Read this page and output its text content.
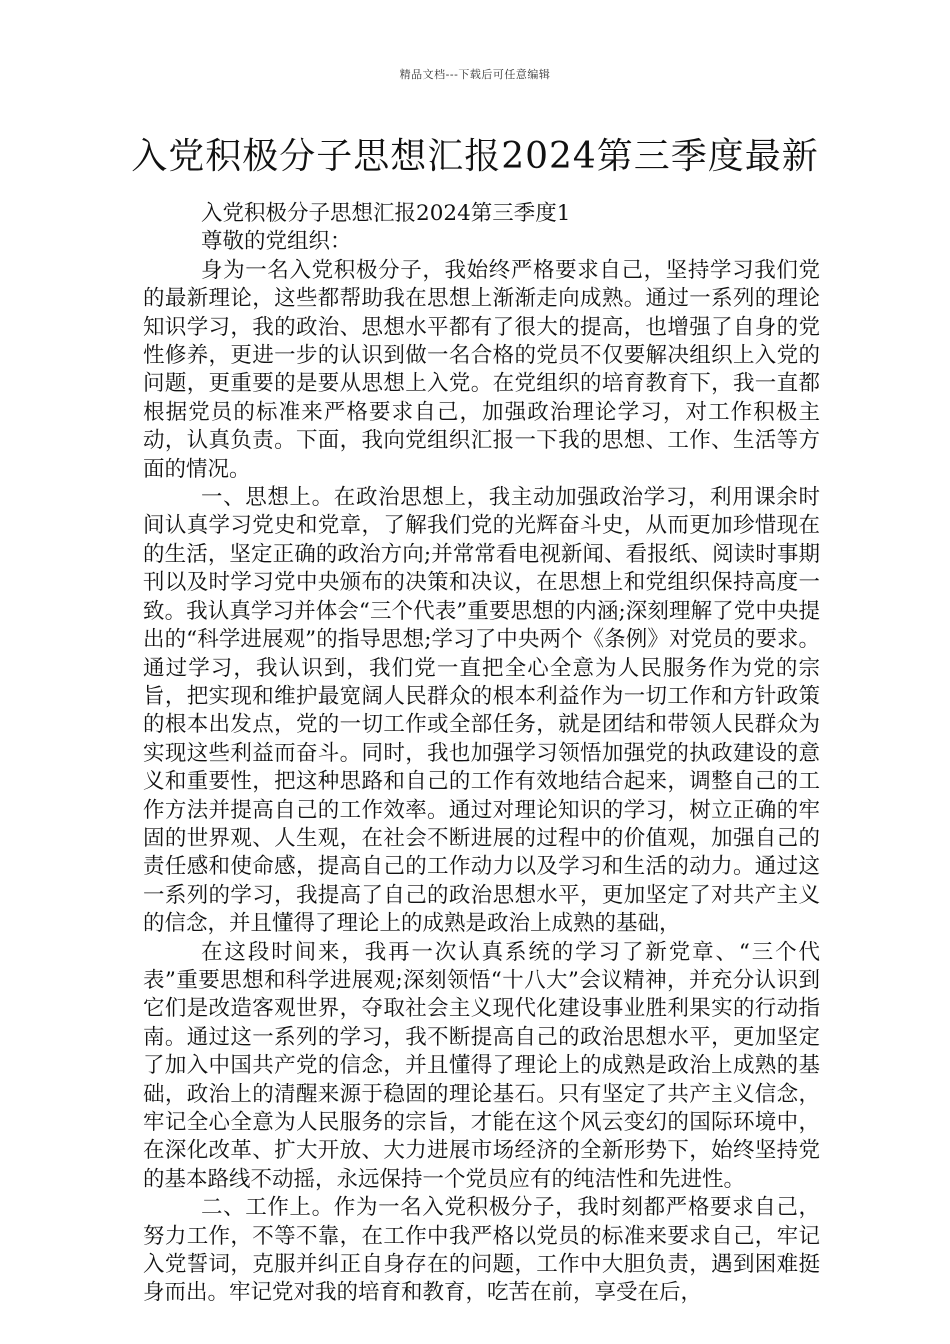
精品文档---下载后可任意编辑
入党积极分子思想汇报2024第三季度最新

入党积极分子思想汇报2024第三季度1

尊敬的党组织：

身为一名入党积极分子，我始终严格要求自己，坚持学习我们党的最新理论，这些都帮助我在思想上渐渐走向成熟。通过一系列的理论知识学习，我的政治、思想水平都有了很大的提高，也增强了自身的党性修养，更进一步的认识到做一名合格的党员不仅要解决组织上入党的问题，更重要的是要从思想上入党。在党组织的培育教育下，我一直都根据党员的标准来严格要求自己，加强政治理论学习，对工作积极主动，认真负责。下面，我向党组织汇报一下我的思想、工作、生活等方面的情况。

一、思想上。在政治思想上，我主动加强政治学习，利用课余时间认真学习党史和党章，了解我们党的光辉奋斗史，从而更加珍惜现在的生活，坚定正确的政治方向;并常常看电视新闻、看报纸、阅读时事期刊以及时学习党中央颁布的决策和决议，在思想上和党组织保持高度一致。我认真学习并体会“三个代表”重要思想的内涵;深刻理解了党中央提出的“科学进展观”的指导思想;学习了中央两个《条例》对党员的要求。通过学习，我认识到，我们党一直把全心全意为人民服务作为党的宗旨，把实现和维护最宽阔人民群众的根本利益作为一切工作和方针政策的根本出发点，党的一切工作或全部任务，就是团结和带领人民群众为实现这些利益而奋斗。同时，我也加强学习领悟加强党的执政建设的意义和重要性，把这种思路和自己的工作有效地结合起来，调整自己的工作方法并提高自己的工作效率。通过对理论知识的学习，树立正确的牢固的世界观、人生观，在社会不断进展的过程中的价值观，加强自己的责任感和使命感，提高自己的工作动力以及学习和生活的动力。通过这一系列的学习，我提高了自己的政治思想水平，更加坚定了对共产主义的信念，并且懂得了理论上的成熟是政治上成熟的基础，

在这段时间来，我再一次认真系统的学习了新党章、“三个代表”重要思想和科学进展观;深刻领悟“十八大”会议精神，并充分认识到它们是改造客观世界，夺取社会主义现代化建设事业胜利果实的行动指南。通过这一系列的学习，我不断提高自己的政治思想水平，更加坚定了加入中国共产党的信念，并且懂得了理论上的成熟是政治上成熟的基础，政治上的清醒来源于稳固的理论基石。只有坚定了共产主义信念，牢记全心全意为人民服务的宗旨，才能在这个风云变幻的国际环境中，在深化改革、扩大开放、大力进展市场经济的全新形势下，始终坚持党的基本路线不动摇，永远保持一个党员应有的纯洁性和先进性。

二、工作上。作为一名入党积极分子，我时刻都严格要求自己，努力工作，不等不靠，在工作中我严格以党员的标准来要求自己，牢记入党誓词，克服并纠正自身存在的问题，工作中大胆负责，遇到困难挺身而出。牢记党对我的培育和教育，吃苦在前，享受在后，
